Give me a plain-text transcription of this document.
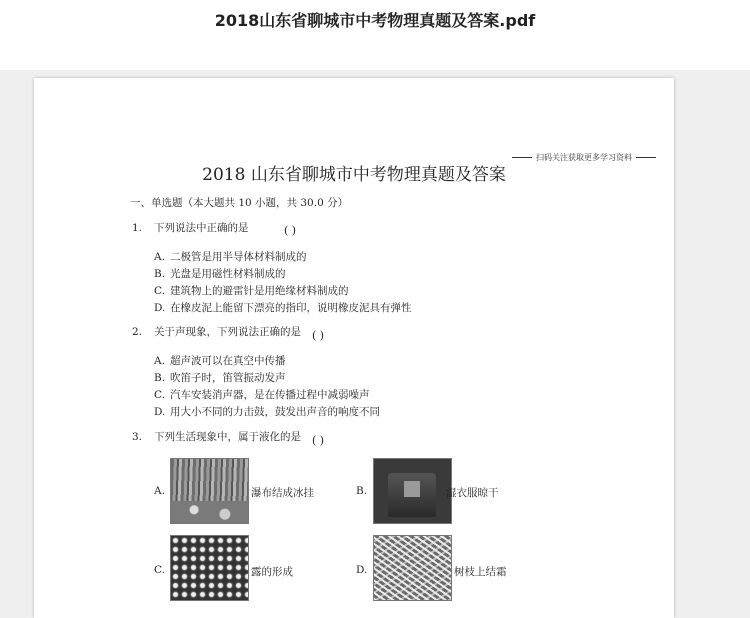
2018山东省聊城市中考物理真题及答案.pdf
扫码关注获取更多学习资料
2018 山东省聊城市中考物理真题及答案
一、单选题（本大题共 10 小题，共 30.0 分）
1. 下列说法中正确的是	( )
A. 二极管是用半导体材料制成的
B. 光盘是用磁性材料制成的
C. 建筑物上的避雷针是用绝缘材料制成的
D. 在橡皮泥上能留下漂亮的指印，说明橡皮泥具有弹性
2. 关于声现象，下列说法正确的是 ( )
A. 超声波可以在真空中传播
B. 吹笛子时，笛管振动发声
C. 汽车安装消声器，是在传播过程中减弱噪声
D. 用大小不同的力击鼓，鼓发出声音的响度不同
3. 下列生活现象中，属于液化的是 ( )
A.	瀑布结成冰挂	B.	湿衣服晾干
C.	露的形成	D.	树枝上结霜
